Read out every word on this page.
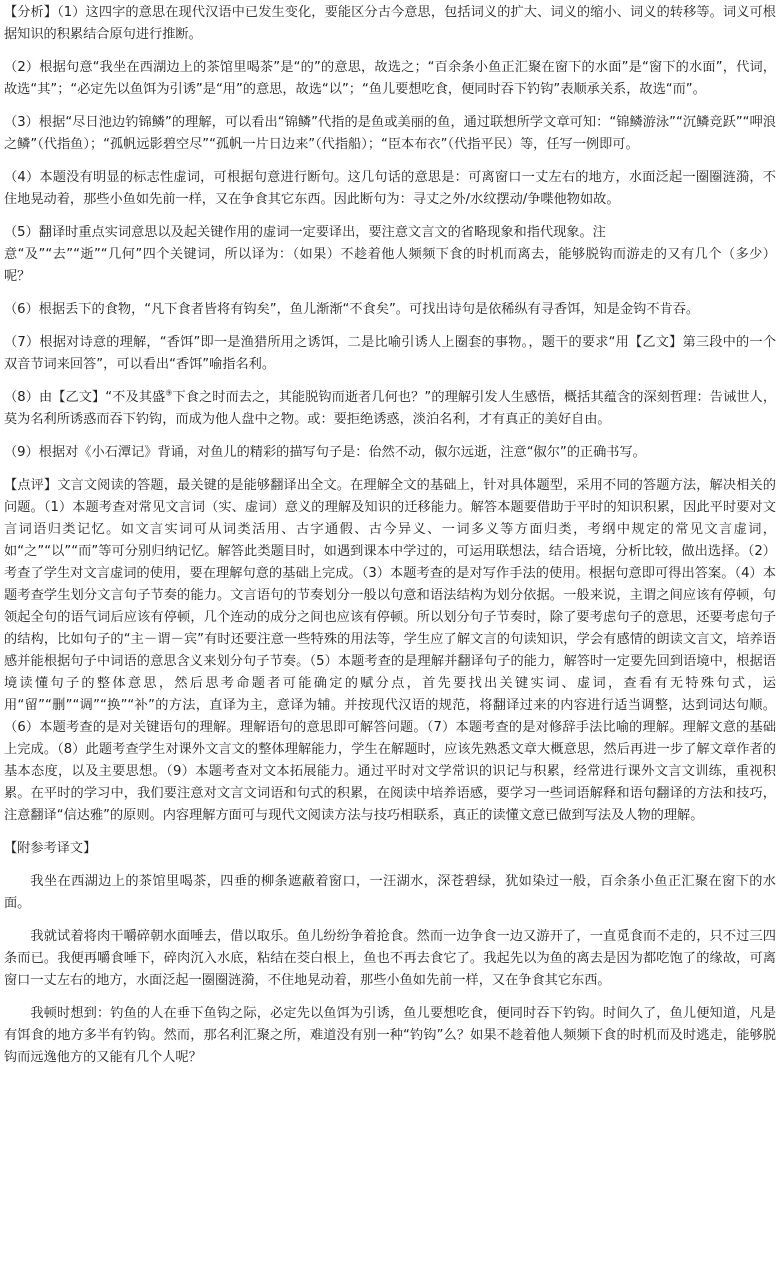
【分析】（1）这四字的意思在现代汉语中已发生变化，要能区分古今意思，包括词义的扩大、词义的缩小、词义的转移等。词义可根据知识的积累结合原句进行推断。

（2）根据句意“我坐在西湖边上的茶馆里喝茶”是“的”的意思，故选之；“百余条小鱼正汇聚在窗下的水面”是“窗下的水面”，代词，故选“其”；“必定先以鱼饵为引诱”是“用”的意思，故选“以”；“鱼儿要想吃食，便同时吞下钓钩”表顺承关系，故选“而”。

（3）根据“尽日池边钓锦鳞”的理解，可以看出“锦鳞”代指的是鱼或美丽的鱼，通过联想所学文章可知：“锦鳞游泳”“沉鳞竞跃”“呷浪之鳞”（代指鱼）；“孤帆远影碧空尽”“孤帆一片日边来”（代指船）；“臣本布衣”（代指平民）等，任写一例即可。

（4）本题没有明显的标志性虚词，可根据句意进行断句。这几句话的意思是：可离窗口一丈左右的地方，水面泛起一圈圈涟漪，不住地晃动着，那些小鱼如先前一样，又在争食其它东西。因此断句为：寻丈之外/水纹摆动/争喋他物如故。

（5）翻译时重点实词意思以及起关键作用的虚词一定要译出，要注意文言文的省略现象和指代现象。注
意“及”“去”“逝”“几何”四个关键词，所以译为：（如果）不趁着他人频频下食的时机而离去，能够脱钩而游走的又有几个（多少）呢？

（6）根据丢下的食物，“凡下食者皆将有钩矣”，鱼儿渐渐“不食矣”。可找出诗句是依稀纵有寻香饵，知是金钩不肯吞。

（7）根据对诗意的理解，“香饵”即一是渔猎所用之诱饵，二是比喻引诱人上圈套的事物。，题干的要求“用【乙文】第三段中的一个双音节词来回答”，可以看出“香饵”喻指名利。

（8）由【乙文】“不及其盛⑨下食之时而去之，其能脱钩而逝者几何也？”的理解引发人生感悟，概括其蕴含的深刻哲理：告诫世人，莫为名利所诱惑而吞下钓钩，而成为他人盘中之物。或：要拒绝诱惑，淡泊名利，才有真正的美好自由。

（9）根据对《小石潭记》背诵，对鱼儿的精彩的描写句子是：佁然不动，俶尔远逝，注意“俶尔”的正确书写。

【点评】文言文阅读的答题，最关键的是能够翻译出全文。在理解全文的基础上，针对具体题型，采用不同的答题方法，解决相关的问题。（1）本题考查对常见文言词（实、虚词）意义的理解及知识的迁移能力。解答本题要借助于平时的知识积累，因此平时要对文言词语归类记忆。如文言实词可从词类活用、古字通假、古今异义、一词多义等方面归类，考纲中规定的常见文言虚词，如“之”“以”“而”等可分别归纳记忆。解答此类题目时，如遇到课本中学过的，可运用联想法，结合语境，分析比较，做出选择。（2）考查了学生对文言虚词的使用，要在理解句意的基础上完成。（3）本题考查的是对写作手法的使用。根据句意即可得出答案。（4）本题考查学生划分文言句子节奏的能力。文言语句的节奏划分一般以句意和语法结构为划分依据。一般来说，主谓之间应该有停顿，句领起全句的语气词后应该有停顿，几个连动的成分之间也应该有停顿。所以划分句子节奏时，除了要考虑句子的意思，还要考虑句子的结构，比如句子的“主－谓－宾”有时还要注意一些特殊的用法等，学生应了解文言的句读知识，学会有感情的朗读文言文，培养语感并能根据句子中词语的意思含义来划分句子节奏。（5）本题考查的是理解并翻译句子的能力，解答时一定要先回到语境中，根据语境读懂句子的整体意思，然后思考命题者可能确定的赋分点，首先要找出关键实词、虚词，查看有无特殊句式，运用“留”“删”“调”“换”“补”的方法，直译为主，意译为辅。并按现代汉语的规范，将翻译过来的内容进行适当调整，达到词达句顺。（6）本题考查的是对关键语句的理解。理解语句的意思即可解答问题。（7）本题考查的是对修辞手法比喻的理解。理解文意的基础上完成。（8）此题考查学生对课外文言文的整体理解能力，学生在解题时，应该先熟悉文章大概意思，然后再进一步了解文章作者的基本态度，以及主要思想。（9）本题考查对文本拓展能力。通过平时对文学常识的识记与积累，经常进行课外文言文训练，重视积累。在平时的学习中，我们要注意对文言文词语和句式的积累，在阅读中培养语感，要学习一些词语解释和语句翻译的方法和技巧，注意翻译“信达雅”的原则。内容理解方面可与现代文阅读方法与技巧相联系，真正的读懂文意已做到写法及人物的理解。

【附参考译文】

我坐在西湖边上的茶馆里喝茶，四垂的柳条遮蔽着窗口，一汪湖水，深苍碧绿，犹如染过一般，百余条小鱼正汇聚在窗下的水面。

我就试着将肉干嚼碎朝水面唾去，借以取乐。鱼儿纷纷争着抢食。然而一边争食一边又游开了，一直觅食而不走的，只不过三四条而已。我便再嚼食唾下，碎肉沉入水底，粘结在茭白根上，鱼也不再去食它了。我起先以为鱼的离去是因为都吃饱了的缘故，可离窗口一丈左右的地方，水面泛起一圈圈涟漪，不住地晃动着，那些小鱼如先前一样，又在争食其它东西。

我顿时想到：钓鱼的人在垂下鱼钩之际，必定先以鱼饵为引诱，鱼儿要想吃食，便同时吞下钓钩。时间久了，鱼儿便知道，凡是有饵食的地方多半有钓钩。然而，那名利汇聚之所，难道没有别一种“钓钩”么？如果不趁着他人频频下食的时机而及时逃走，能够脱钩而远逸他方的又能有几个人呢？
